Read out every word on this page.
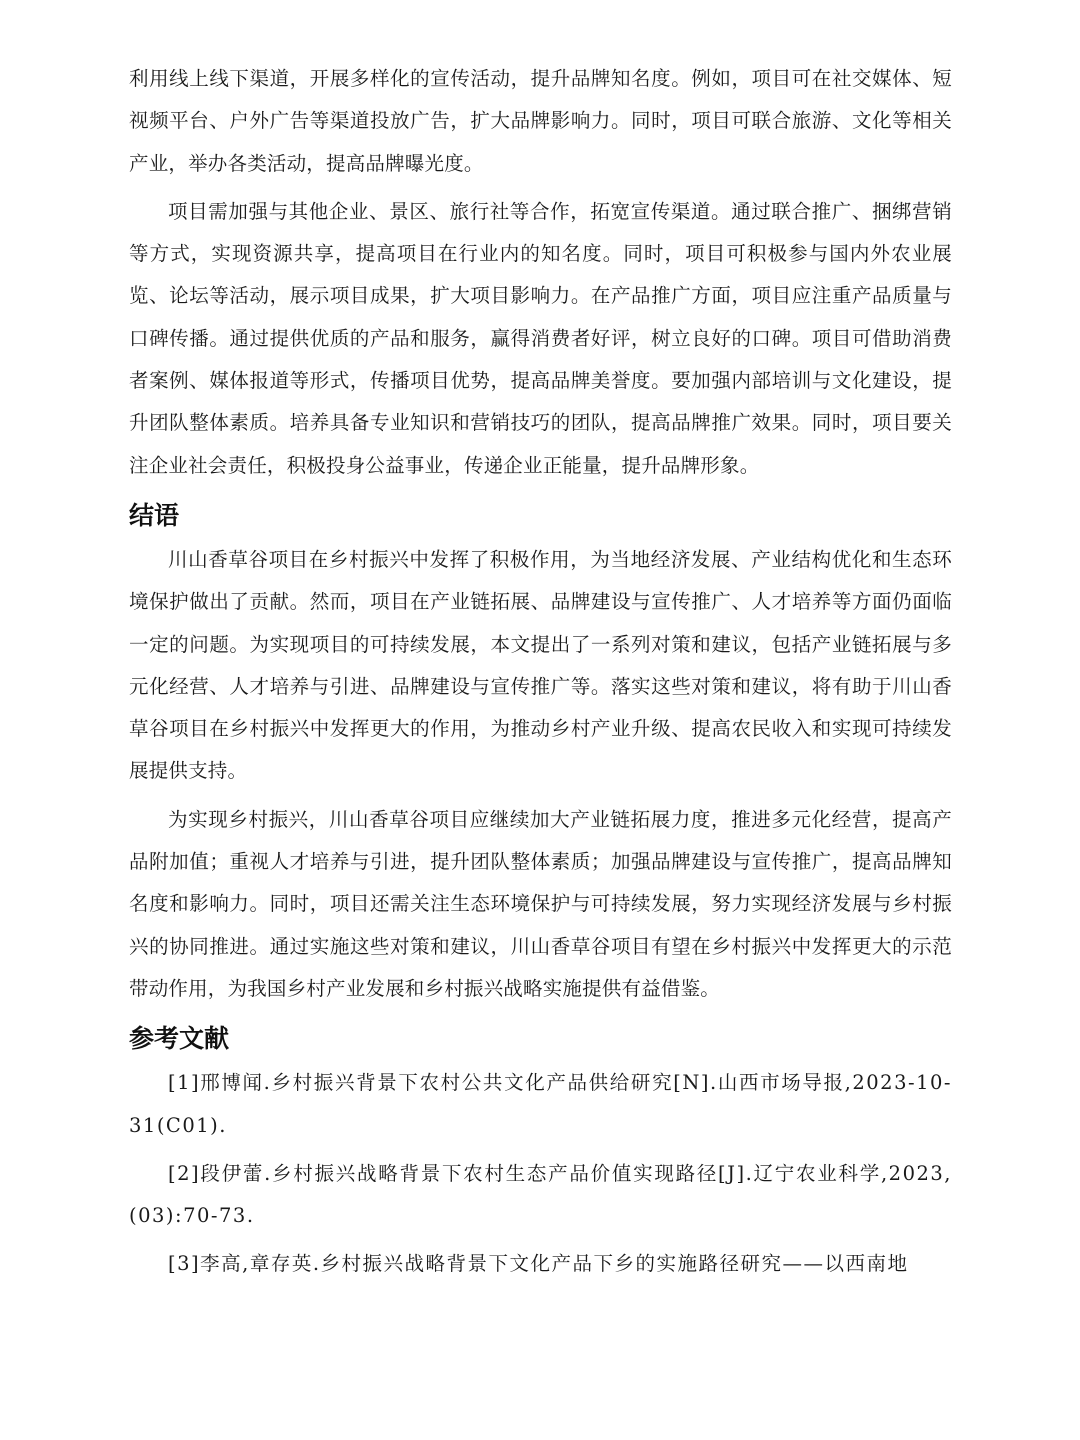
利用线上线下渠道，开展多样化的宣传活动，提升品牌知名度。例如，项目可在社交媒体、短视频平台、户外广告等渠道投放广告，扩大品牌影响力。同时，项目可联合旅游、文化等相关产业，举办各类活动，提高品牌曝光度。

项目需加强与其他企业、景区、旅行社等合作，拓宽宣传渠道。通过联合推广、捆绑营销等方式，实现资源共享，提高项目在行业内的知名度。同时，项目可积极参与国内外农业展览、论坛等活动，展示项目成果，扩大项目影响力。在产品推广方面，项目应注重产品质量与口碑传播。通过提供优质的产品和服务，赢得消费者好评，树立良好的口碑。项目可借助消费者案例、媒体报道等形式，传播项目优势，提高品牌美誉度。要加强内部培训与文化建设，提升团队整体素质。培养具备专业知识和营销技巧的团队，提高品牌推广效果。同时，项目要关注企业社会责任，积极投身公益事业，传递企业正能量，提升品牌形象。

结语

川山香草谷项目在乡村振兴中发挥了积极作用，为当地经济发展、产业结构优化和生态环境保护做出了贡献。然而，项目在产业链拓展、品牌建设与宣传推广、人才培养等方面仍面临一定的问题。为实现项目的可持续发展，本文提出了一系列对策和建议，包括产业链拓展与多元化经营、人才培养与引进、品牌建设与宣传推广等。落实这些对策和建议，将有助于川山香草谷项目在乡村振兴中发挥更大的作用，为推动乡村产业升级、提高农民收入和实现可持续发展提供支持。

为实现乡村振兴，川山香草谷项目应继续加大产业链拓展力度，推进多元化经营，提高产品附加值；重视人才培养与引进，提升团队整体素质；加强品牌建设与宣传推广，提高品牌知名度和影响力。同时，项目还需关注生态环境保护与可持续发展，努力实现经济发展与乡村振兴的协同推进。通过实施这些对策和建议，川山香草谷项目有望在乡村振兴中发挥更大的示范带动作用，为我国乡村产业发展和乡村振兴战略实施提供有益借鉴。

参考文献

[1]邢博闻.乡村振兴背景下农村公共文化产品供给研究[N].山西市场导报,2023-10-31(C01).

[2]段伊蕾.乡村振兴战略背景下农村生态产品价值实现路径[J].辽宁农业科学,2023,(03):70-73.

[3]李高,章存英.乡村振兴战略背景下文化产品下乡的实施路径研究——以西南地
